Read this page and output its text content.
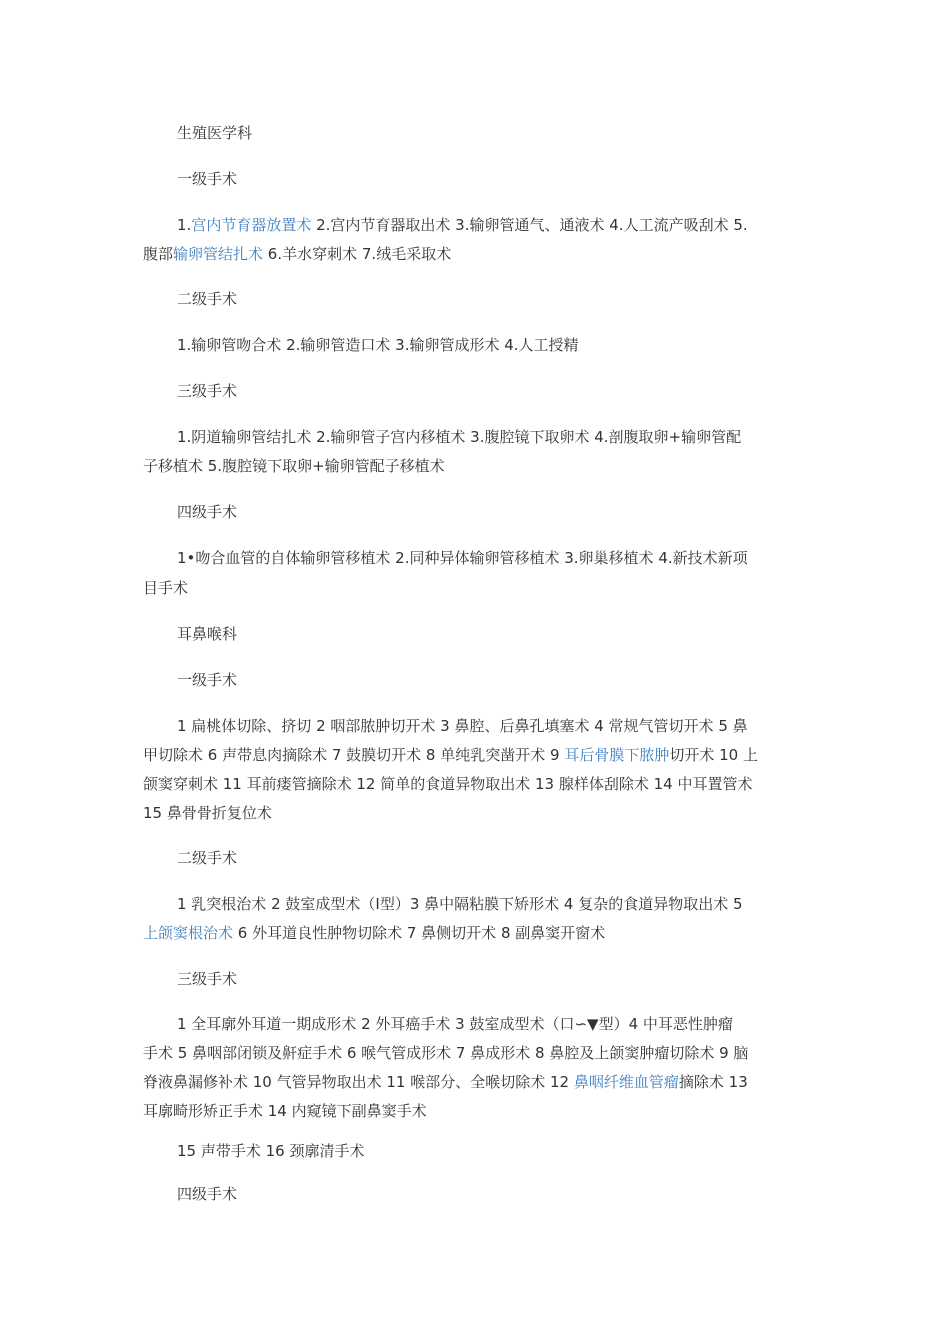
生殖医学科
一级手术
1.宫内节育器放置术 2.宫内节育器取出术 3.输卵管通气、通液术 4.人工流产吸刮术 5.
腹部输卵管结扎术 6.羊水穿刺术 7.绒毛采取术
二级手术
1.输卵管吻合术 2.输卵管造口术 3.输卵管成形术 4.人工授精
三级手术
1.阴道输卵管结扎术 2.输卵管子宫内移植术 3.腹腔镜下取卵术 4.剖腹取卵+输卵管配
子移植术 5.腹腔镜下取卵+输卵管配子移植术
四级手术
1•吻合血管的自体输卵管移植术 2.同种异体输卵管移植术 3.卵巢移植术 4.新技术新项
目手术
耳鼻喉科
一级手术
1 扁桃体切除、挤切 2 咽部脓肿切开术 3 鼻腔、后鼻孔填塞术 4 常规气管切开术 5 鼻
甲切除术 6 声带息肉摘除术 7 鼓膜切开术 8 单纯乳突凿开术 9 耳后骨膜下脓肿切开术 10 上
颌窦穿刺术 11 耳前瘘管摘除术 12 简单的食道异物取出术 13 腺样体刮除术 14 中耳置管术
15 鼻骨骨折复位术
二级手术
1 乳突根治术 2 鼓室成型术（Ⅰ型）3 鼻中隔粘膜下矫形术 4 复杂的食道异物取出术 5
上颌窦根治术 6 外耳道良性肿物切除术 7 鼻侧切开术 8 副鼻窦开窗术
三级手术
1 全耳廓外耳道一期成形术 2 外耳癌手术 3 鼓室成型术（口∽▼型）4 中耳恶性肿瘤
手术 5 鼻咽部闭锁及鼾症手术 6 喉气管成形术 7 鼻成形术 8 鼻腔及上颌窦肿瘤切除术 9 脑
脊液鼻漏修补术 10 气管异物取出术 11 喉部分、全喉切除术 12 鼻咽纤维血管瘤摘除术 13
耳廓畸形矫正手术 14 内窥镜下副鼻窦手术
15 声带手术 16 颈廓清手术
四级手术
